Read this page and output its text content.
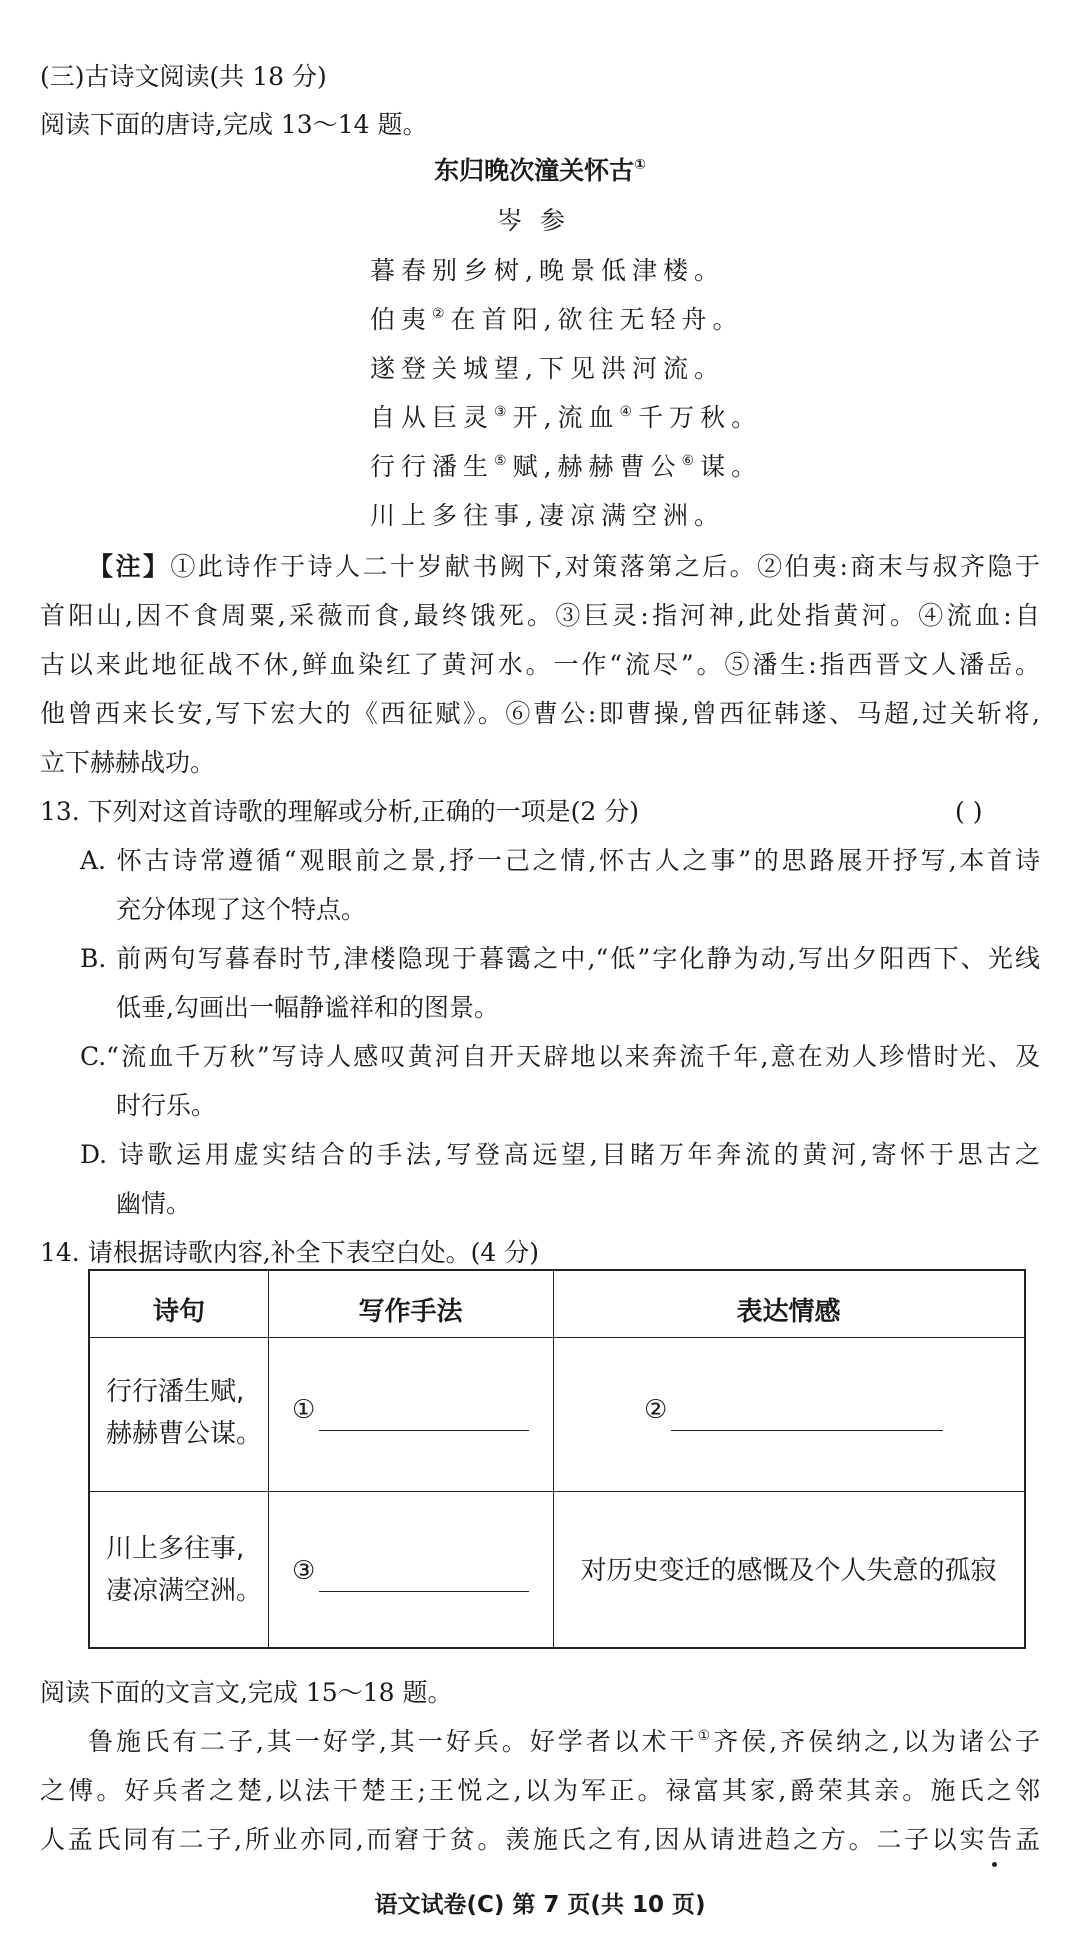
(三)古诗文阅读(共 18 分)
阅读下面的唐诗,完成 13～14 题。
东归晚次潼关怀古①
岑参
暮春别乡树,晚景低津楼。
伯夷②在首阳,欲往无轻舟。
遂登关城望,下见洪河流。
自从巨灵③开,流血④千万秋。
行行潘生⑤赋,赫赫曹公⑥谋。
川上多往事,凄凉满空洲。
【注】①此诗作于诗人二十岁献书阙下,对策落第之后。②伯夷:商末与叔齐隐于
首阳山,因不食周粟,采薇而食,最终饿死。③巨灵:指河神,此处指黄河。④流血:自
古以来此地征战不休,鲜血染红了黄河水。一作“流尽”。⑤潘生:指西晋文人潘岳。
他曾西来长安,写下宏大的《西征赋》。⑥曹公:即曹操,曾西征韩遂、马超,过关斩将,
立下赫赫战功。
13. 下列对这首诗歌的理解或分析,正确的一项是(2 分)	( )
A. 怀古诗常遵循“观眼前之景,抒一己之情,怀古人之事”的思路展开抒写,本首诗
充分体现了这个特点。
B. 前两句写暮春时节,津楼隐现于暮霭之中,“低”字化静为动,写出夕阳西下、光线
低垂,勾画出一幅静谧祥和的图景。
C.“流血千万秋”写诗人感叹黄河自开天辟地以来奔流千年,意在劝人珍惜时光、及
时行乐。
D. 诗歌运用虚实结合的手法,写登高远望,目睹万年奔流的黄河,寄怀于思古之
幽情。
14. 请根据诗歌内容,补全下表空白处。(4 分)
诗句	写作手法	表达情感
行行潘生赋,
赫赫曹公谋。
①	②
川上多往事,
凄凉满空洲。
③	对历史变迁的感慨及个人失意的孤寂
阅读下面的文言文,完成 15～18 题。
鲁施氏有二子,其一好学,其一好兵。好学者以术干①齐侯,齐侯纳之,以为诸公子
之傅。好兵者之楚,以法干楚王;王悦之,以为军正。禄富其家,爵荣其亲。施氏之邻
人孟氏同有二子,所业亦同,而窘于贫。羡施氏之有,因从请进趋之方。二子以实告孟
语文试卷(C) 第 7 页(共 10 页)
